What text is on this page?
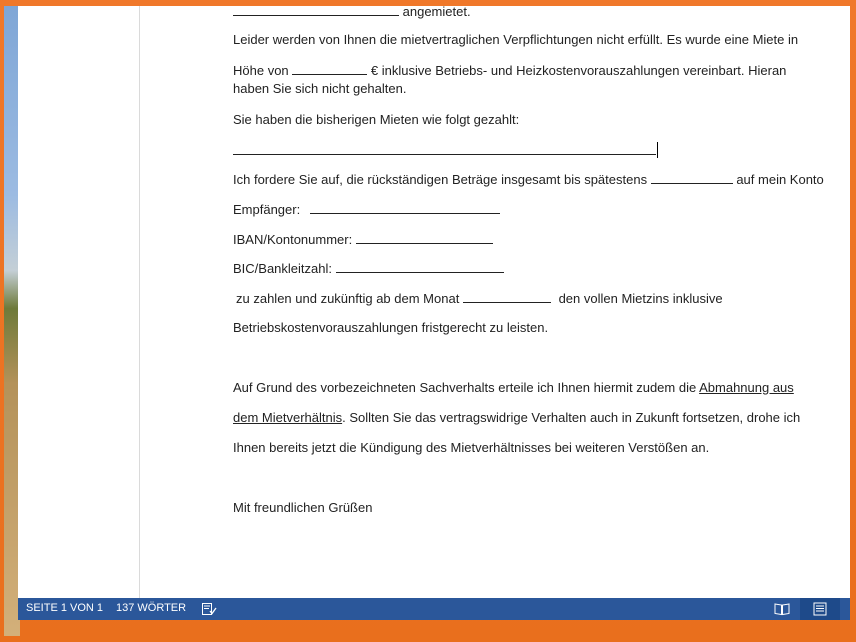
angemietet.
Leider werden von Ihnen die mietvertraglichen Verpflichtungen nicht erfüllt. Es wurde eine Miete in
Höhe von	€ inklusive Betriebs- und Heizkostenvorauszahlungen vereinbart. Hieran
haben Sie sich nicht gehalten.
Sie haben die bisherigen Mieten wie folgt gezahlt:
Ich fordere Sie auf, die rückständigen Beträge insgesamt bis spätestens	auf mein Konto
Empfänger:
IBAN/Kontonummer:
BIC/Bankleitzahl:
zu zahlen und zukünftig ab dem Monat	den vollen Mietzins inklusive
Betriebskostenvorauszahlungen fristgerecht zu leisten.
Auf Grund des vorbezeichneten Sachverhalts erteile ich Ihnen hiermit zudem die Abmahnung aus
dem Mietverhältnis. Sollten Sie das vertragswidrige Verhalten auch in Zukunft fortsetzen, drohe ich
Ihnen bereits jetzt die Kündigung des Mietverhältnisses bei weiteren Verstößen an.
Mit freundlichen Grüßen
SEITE 1 VON 1 137 WÖRTER
